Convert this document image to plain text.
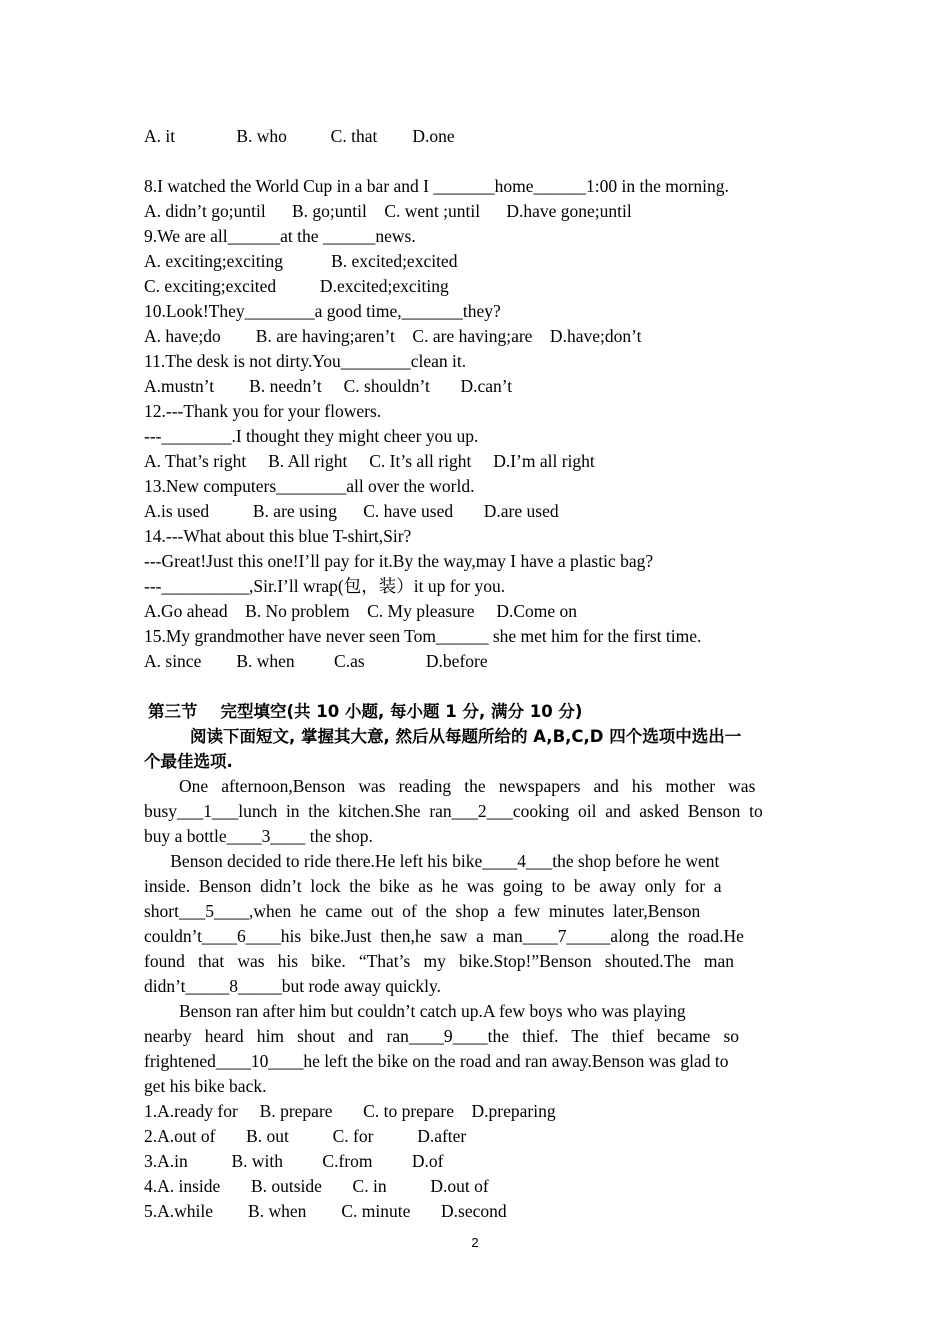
A. it              B. who          C. that        D.one
8.I watched the World Cup in a bar and I _______home______1:00 in the morning.
A. didn’t go;until      B. go;until    C. went ;until      D.have gone;until
9.We are all______at the ______news.
A. exciting;exciting           B. excited;excited
C. exciting;excited          D.excited;exciting
10.Look!They________a good time,_______they?
A. have;do        B. are having;aren’t    C. are having;are    D.have;don’t
11.The desk is not dirty.You________clean it.
A.mustn’t        B. needn’t     C. shouldn’t       D.can’t
12.---Thank you for your flowers.
---________.I thought they might cheer you up.
A. That’s right     B. All right     C. It’s all right     D.I’m all right
13.New computers________all over the world.
A.is used          B. are using      C. have used       D.are used
14.---What about this blue T-shirt,Sir?
---Great!Just this one!I’ll pay for it.By the way,may I have a plastic bag?
---__________,Sir.I’ll wrap(包，装）it up for you.
A.Go ahead    B. No problem    C. My pleasure     D.Come on
15.My grandmother have never seen Tom______ she met him for the first time.
A. since        B. when         C.as              D.before
第三节    完型填空(共 10 小题, 每小题 1 分, 满分 10 分)
阅读下面短文, 掌握其大意, 然后从每题所给的 A,B,C,D 四个选项中选出一
个最佳选项.
One   afternoon,Benson   was   reading   the   newspapers   and   his   mother   was
busy___1___lunch  in  the  kitchen.She  ran___2___cooking  oil  and  asked  Benson  to
buy a bottle____3____ the shop.
Benson decided to ride there.He left his bike____4___the shop before he went
inside.  Benson  didn’t  lock  the  bike  as  he  was  going  to  be  away  only  for  a
short___5____,when  he  came  out  of  the  shop  a  few  minutes  later,Benson
couldn’t____6____his  bike.Just  then,he  saw  a  man____7_____along  the  road.He
found   that   was   his   bike.   “That’s   my   bike.Stop!”Benson   shouted.The   man
didn’t_____8_____but rode away quickly.
Benson ran after him but couldn’t catch up.A few boys who was playing
nearby   heard   him   shout   and   ran____9____the   thief.   The   thief   became   so
frightened____10____he left the bike on the road and ran away.Benson was glad to
get his bike back.
1.A.ready for     B. prepare       C. to prepare    D.preparing
2.A.out of       B. out          C. for          D.after
3.A.in          B. with         C.from         D.of
4.A. inside       B. outside       C. in          D.out of
5.A.while        B. when        C. minute       D.second
2
